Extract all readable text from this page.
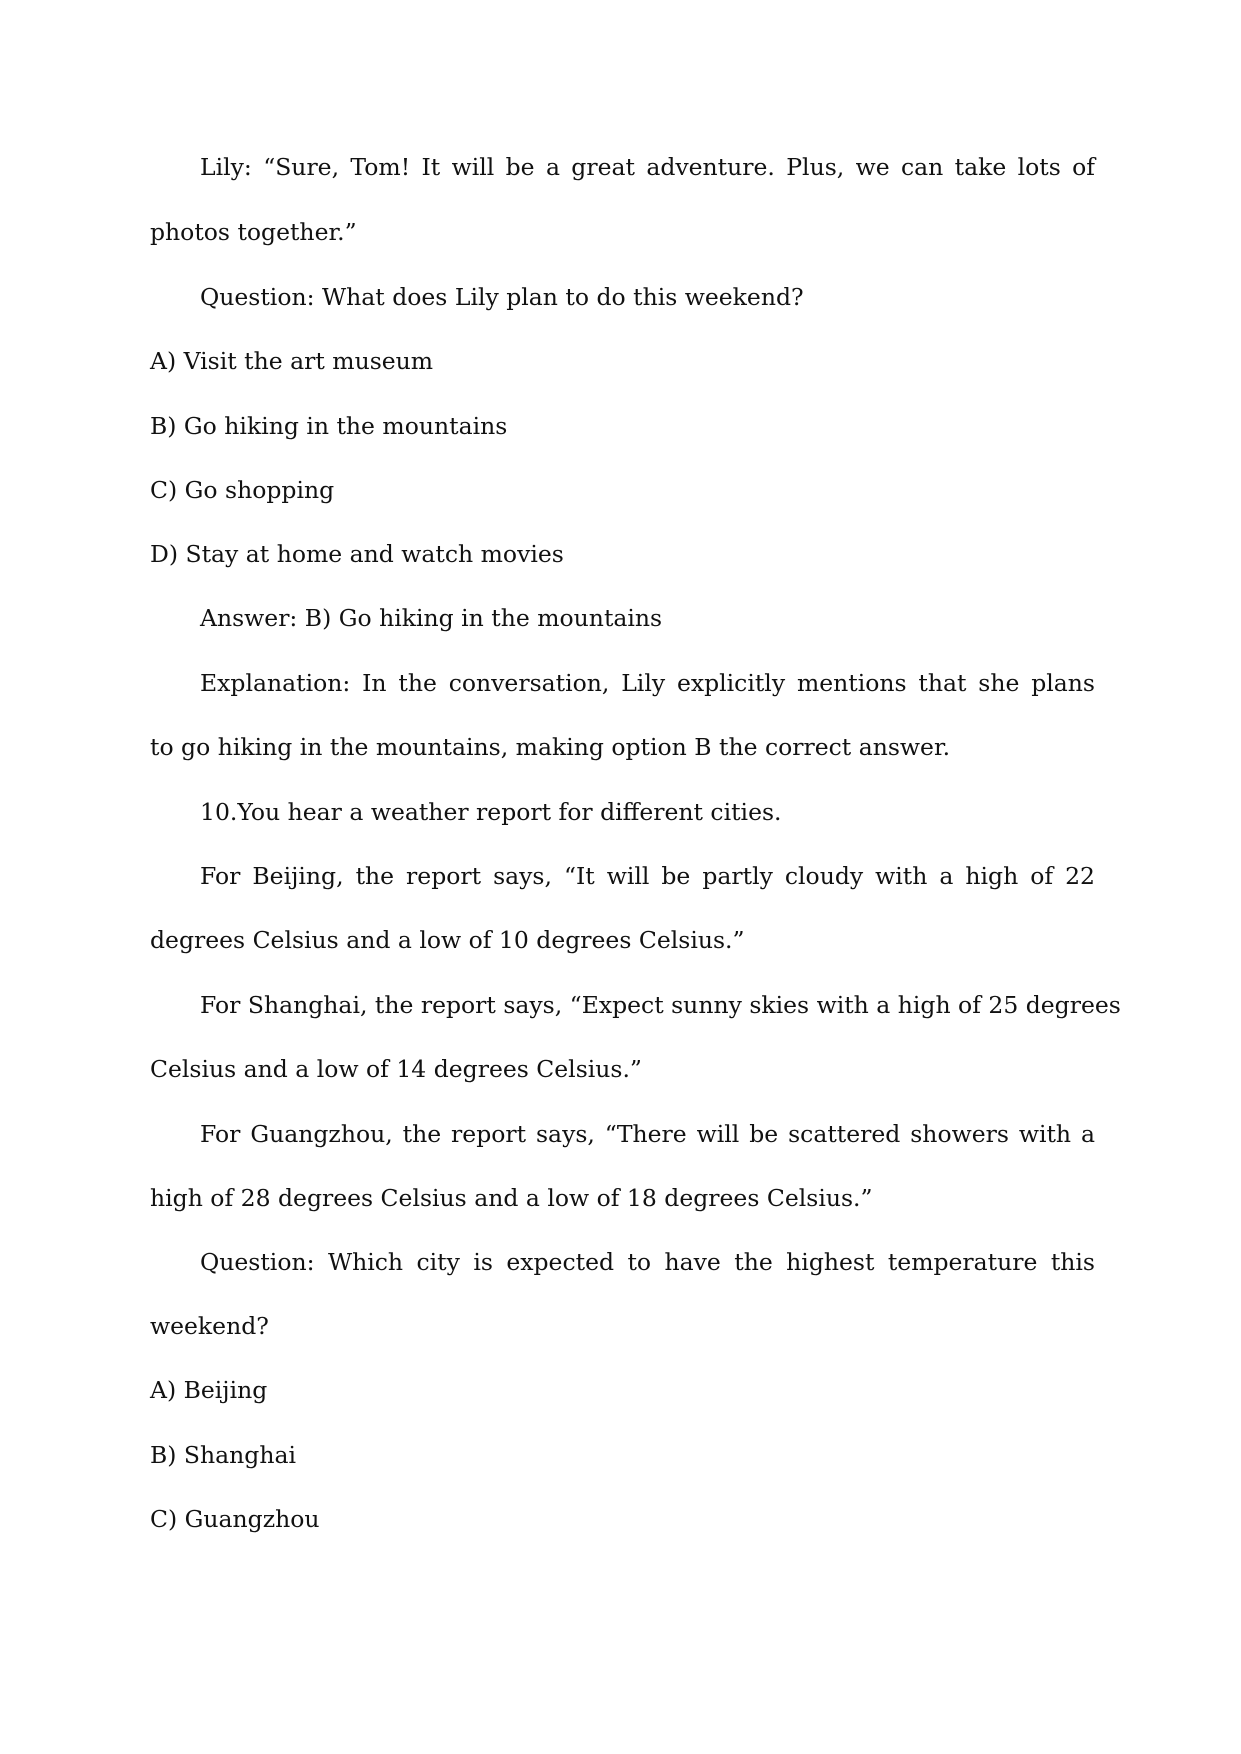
Lily: “Sure, Tom! It will be a great adventure. Plus, we can take lots of
photos together.”
Question: What does Lily plan to do this weekend?
A) Visit the art museum
B) Go hiking in the mountains
C) Go shopping
D) Stay at home and watch movies
Answer: B) Go hiking in the mountains
Explanation: In the conversation, Lily explicitly mentions that she plans
to go hiking in the mountains, making option B the correct answer.
10.You hear a weather report for different cities.
For Beijing, the report says, “It will be partly cloudy with a high of 22
degrees Celsius and a low of 10 degrees Celsius.”
For Shanghai, the report says, “Expect sunny skies with a high of 25 degrees
Celsius and a low of 14 degrees Celsius.”
For Guangzhou, the report says, “There will be scattered showers with a
high of 28 degrees Celsius and a low of 18 degrees Celsius.”
Question: Which city is expected to have the highest temperature this
weekend?
A) Beijing
B) Shanghai
C) Guangzhou
